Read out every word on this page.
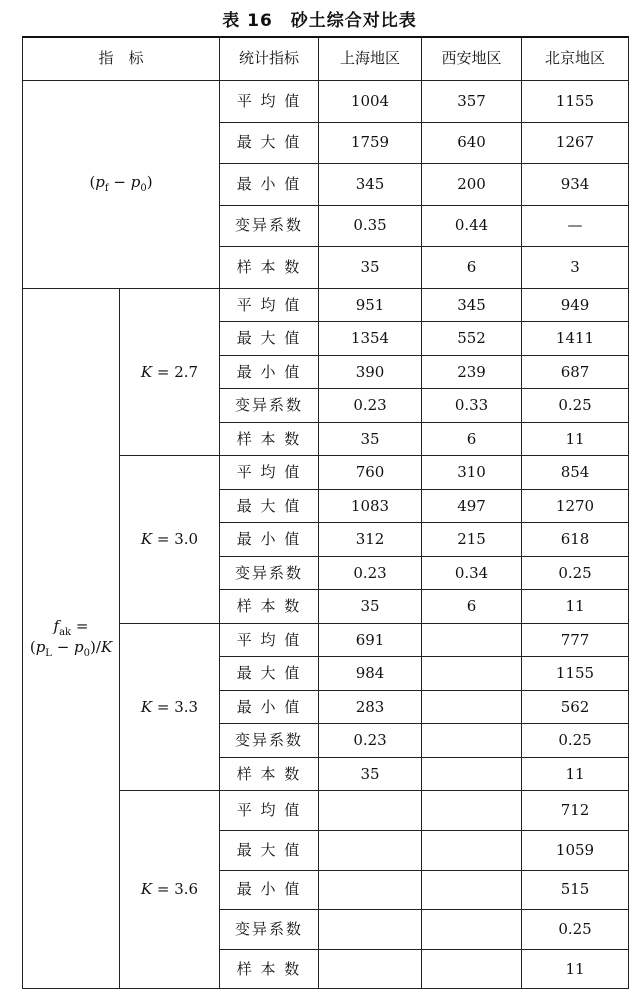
表 16　砂土综合对比表
指　标		统计指标	上海地区	西安地区	北京地区
$(p_f - p_0)$		平 均 值	1004	357	1155
		最 大 值	1759	640	1267
		最 小 值	345	200	934
		变异系数	0.35	0.44	—
		样 本 数	35	6	3

$f_{ak}$ =
$(p_L - p_0)/K$	K = 2.7	平 均 值	951	345	949
		最 大 值	1354	552	1411
		最 小 值	390	239	687
		变异系数	0.23	0.33	0.25
		样 本 数	35	6	11
	K = 3.0	平 均 值	760	310	854
		最 大 值	1083	497	1270
		最 小 值	312	215	618
		变异系数	0.23	0.34	0.25
		样 本 数	35	6	11
	K = 3.3	平 均 值	691		777
		最 大 值	984		1155
		最 小 值	283		562
		变异系数	0.23		0.25
		样 本 数	35		11
	K = 3.6	平 均 值			712
		最 大 值			1059
		最 小 值			515
		变异系数			0.25
		样 本 数			11
